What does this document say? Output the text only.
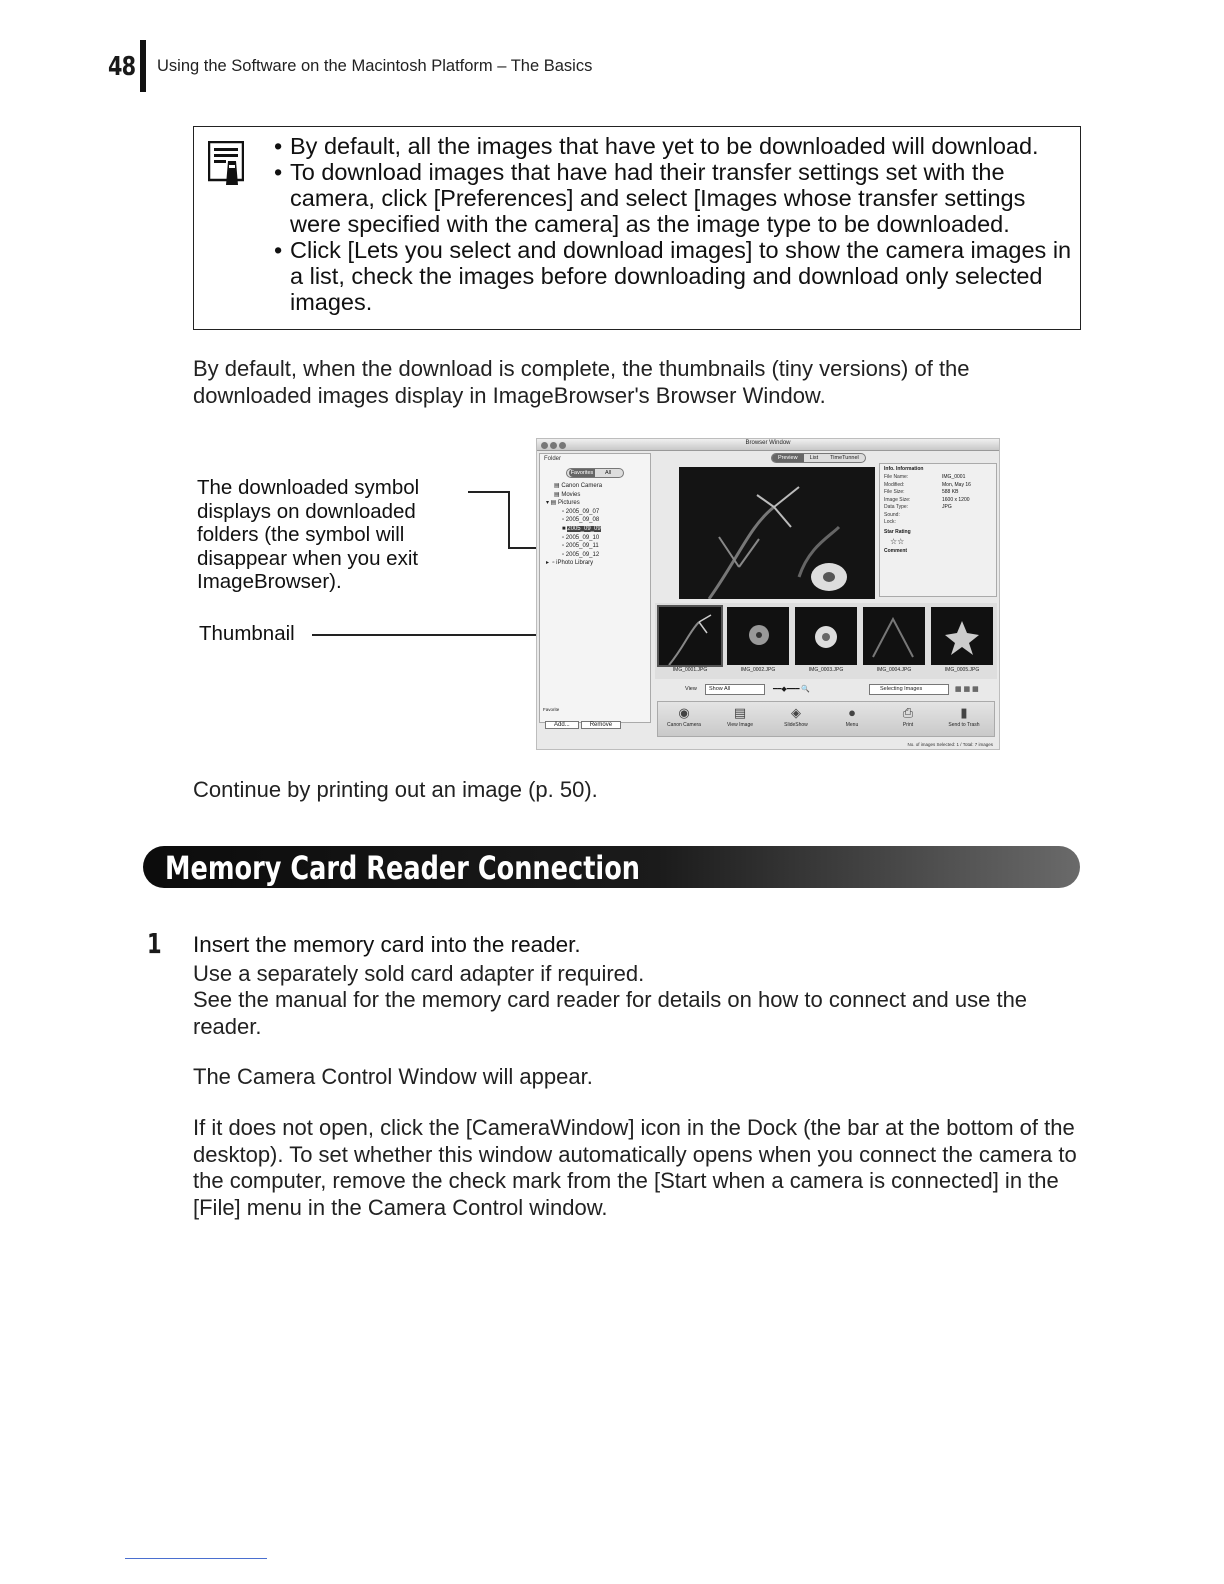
48 Using the Software on the Macintosh Platform – The Basics
• By default, all the images that have yet to be downloaded will download.
• To download images that have had their transfer settings set with the camera, click [Preferences] and select [Images whose transfer settings were specified with the camera] as the image type to be downloaded.
• Click [Lets you select and download images] to show the camera images in a list, check the images before downloading and download only selected images.

By default, when the download is complete, the thumbnails (tiny versions) of the downloaded images display in ImageBrowser's Browser Window.

The downloaded symbol displays on downloaded folders (the symbol will disappear when you exit ImageBrowser).
Thumbnail
Browser Window
Folder
Favorites All
▤ Canon Camera
▤ Movies
▾ ▤ Pictures
▫ 2005_09_07
▫ 2005_09_08
■ 2005_09_09
▫ 2005_09_10
▫ 2005_09_11
▫ 2005_09_12
▸  ▫ iPhoto Library
Favorite
Add...	Remove
Preview List TimeTunnel
Info. Information
File Name:	IMG_0001
Modified:	Mon, May 16
File Size:	588 KB
Image Size:	1600 x 1200
Data Type:	JPG
Sound:
Lock:
Star Rating
☆☆
Comment
IMG_0001.JPG	IMG_0002.JPG	IMG_0003.JPG	IMG_0004.JPG	IMG_0005.JPG
View	Show All	━━◆━━━ 🔍	Selecting Images	▦ ▦ ▦
◉
Canon Camera
▤
View Image
◈
SlideShow
●
Menu
⎙
Print
▮
Send to Trash
No. of images Selected: 1 / Total: 7 images

Continue by printing out an image (p. 50).

Memory Card Reader Connection
1 Insert the memory card into the reader.

Use a separately sold card adapter if required.

See the manual for the memory card reader for details on how to connect and use the reader.

The Camera Control Window will appear.

If it does not open, click the [CameraWindow] icon in the Dock (the bar at the bottom of the desktop). To set whether this window automatically opens when you connect the camera to the computer, remove the check mark from the [Start when a camera is connected] in the [File] menu in the Camera Control window.
